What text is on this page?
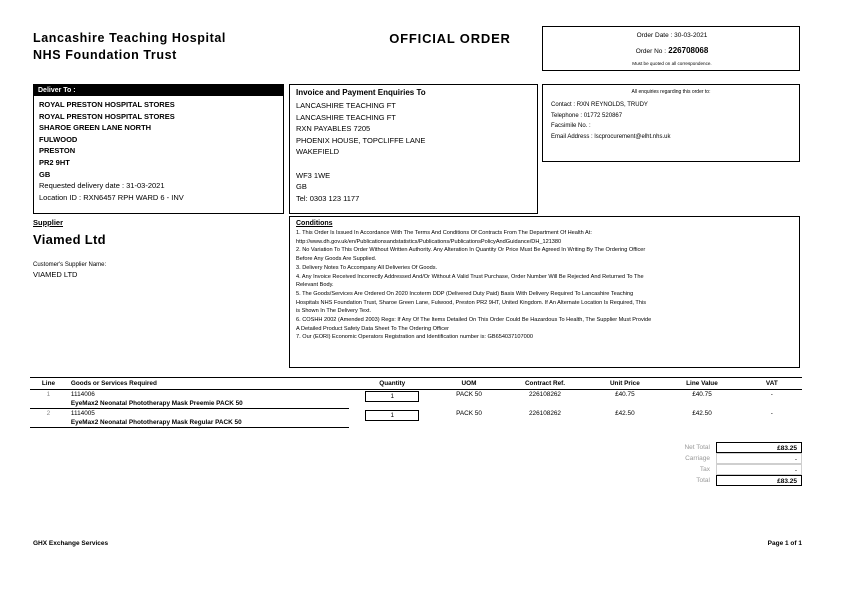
Lancashire Teaching Hospital
NHS Foundation Trust
OFFICIAL ORDER	Order Date : 30-03-2021
Order No : 226708068
Must be quoted on all correspondence.
Deliver To :
ROYAL PRESTON HOSPITAL STORES
ROYAL PRESTON HOSPITAL STORES
SHAROE GREEN LANE NORTH
FULWOOD
PRESTON
PR2 9HT
GB
Requested delivery date : 31-03-2021
Location ID : RXN6457 RPH WARD 6 - INV
Invoice and Payment Enquiries To
LANCASHIRE TEACHING FT
LANCASHIRE TEACHING FT
RXN PAYABLES 7205
PHOENIX HOUSE, TOPCLIFFE LANE
WAKEFIELD

WF3 1WE
GB
Tel: 0303 123 1177
All enquiries regarding this order to:
Contact : RXN REYNOLDS, TRUDY
Telephone : 01772 520867
Facsimile No. :
Email Address : lscprocurement@elht.nhs.uk
Supplier
Viamed Ltd
Customer's Supplier Name:
VIAMED LTD
Conditions
1. This Order Is Issued In Accordance With The Terms And Conditions Of Contracts From The Department Of Health At:
http://www.dh.gov.uk/en/Publicationsandstatistics/Publications/PublicationsPolicyAndGuidance/DH_121380
2. No Variation To This Order Without Written Authority. Any Alteration In Quantity Or Price Must Be Agreed In Writing By The Ordering Officer
Before Any Goods Are Supplied.
3. Delivery Notes To Accompany All Deliveries Of Goods.
4. Any Invoice Received Incorrectly Addressed And/Or Without A Valid Trust Purchase, Order Number Will Be Rejected And Returned To The
Relevant Body.
5. The Goods/Services Are Ordered On 2020 Incoterm DDP (Delivered Duty Paid) Basis With Delivery Required To Lancashire Teaching
Hospitals NHS Foundation Trust, Sharoe Green Lane, Fulwood, Preston PR2 9HT, United Kingdom. If An Alternate Location Is Required, This
is Shown In The Delivery Text.
6. COSHH 2002 (Amended 2003) Regs: If Any Of The Items Detailed On This Order Could Be Hazardous To Health, The Supplier Must Provide
A Detailed Product Safety Data Sheet To The Ordering Officer
7. Our (EORI) Economic Operators Registration and Identification number is: GB654037107000
Line	Goods or Services Required	Quantity	UOM	Contract Ref.	Unit Price	Line Value	VAT
1	1114006	1	PACK 50	226108262	£40.75	£40.75	-
	EyeMax2 Neonatal Phototherapy Mask Preemie PACK 50						
2	1114005	1	PACK 50	226108262	£42.50	£42.50	-
	EyeMax2 Neonatal Phototherapy Mask Regular PACK 50						
Net Total	£83.25
Carriage	-
Tax	-
Total	£83.25
GHX Exchange Services	Page 1 of 1
